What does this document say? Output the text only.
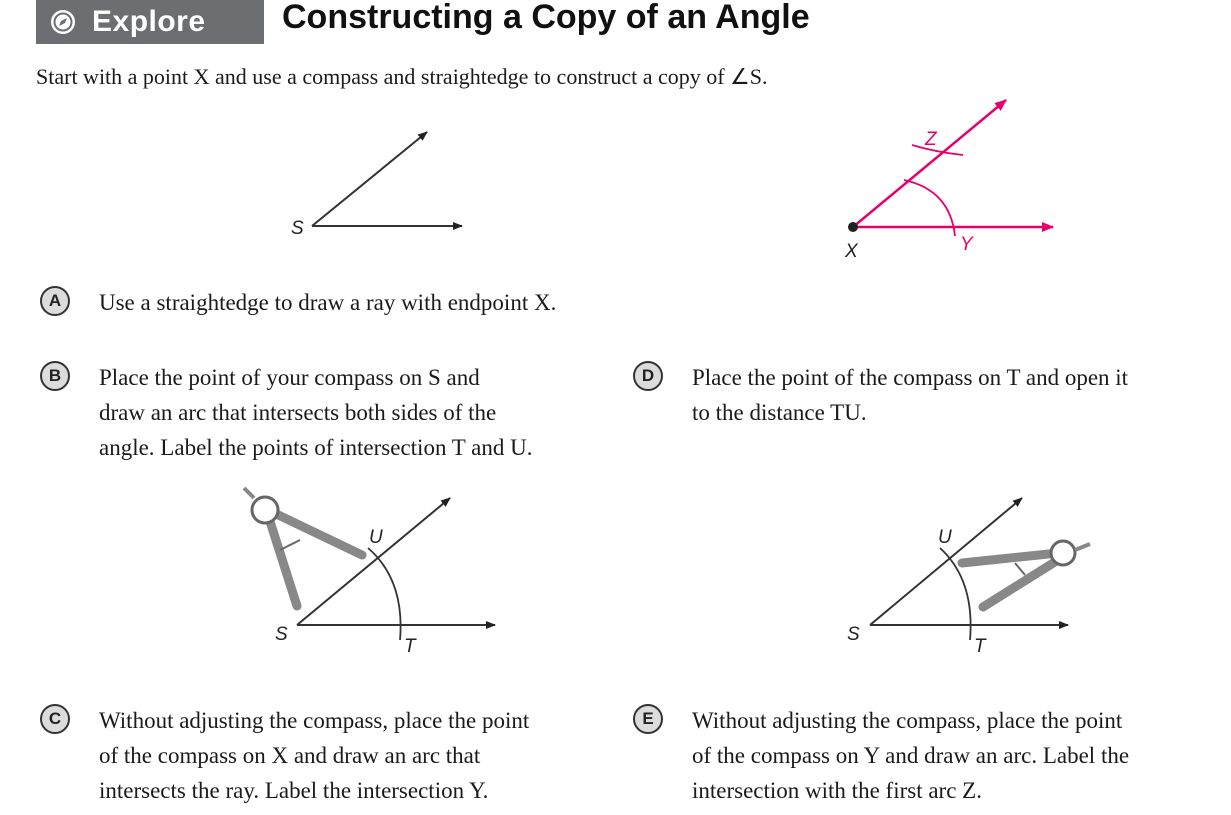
Explore Constructing a Copy of an Angle
Start with a point X and use a compass and straightedge to construct a copy of ∠S.
S
X	Y
Z
S
U
T
S
U
T
A	Use a straightedge to draw a ray with endpoint X.
B	Place the point of your compass on S and
draw an arc that intersects both sides of the
angle. Label the points of intersection T and U.
C	Without adjusting the compass, place the point
of the compass on X and draw an arc that
intersects the ray. Label the intersection Y.
D	Place the point of the compass on T and open it
to the distance TU.
E	Without adjusting the compass, place the point
of the compass on Y and draw an arc. Label the
intersection with the first arc Z.
